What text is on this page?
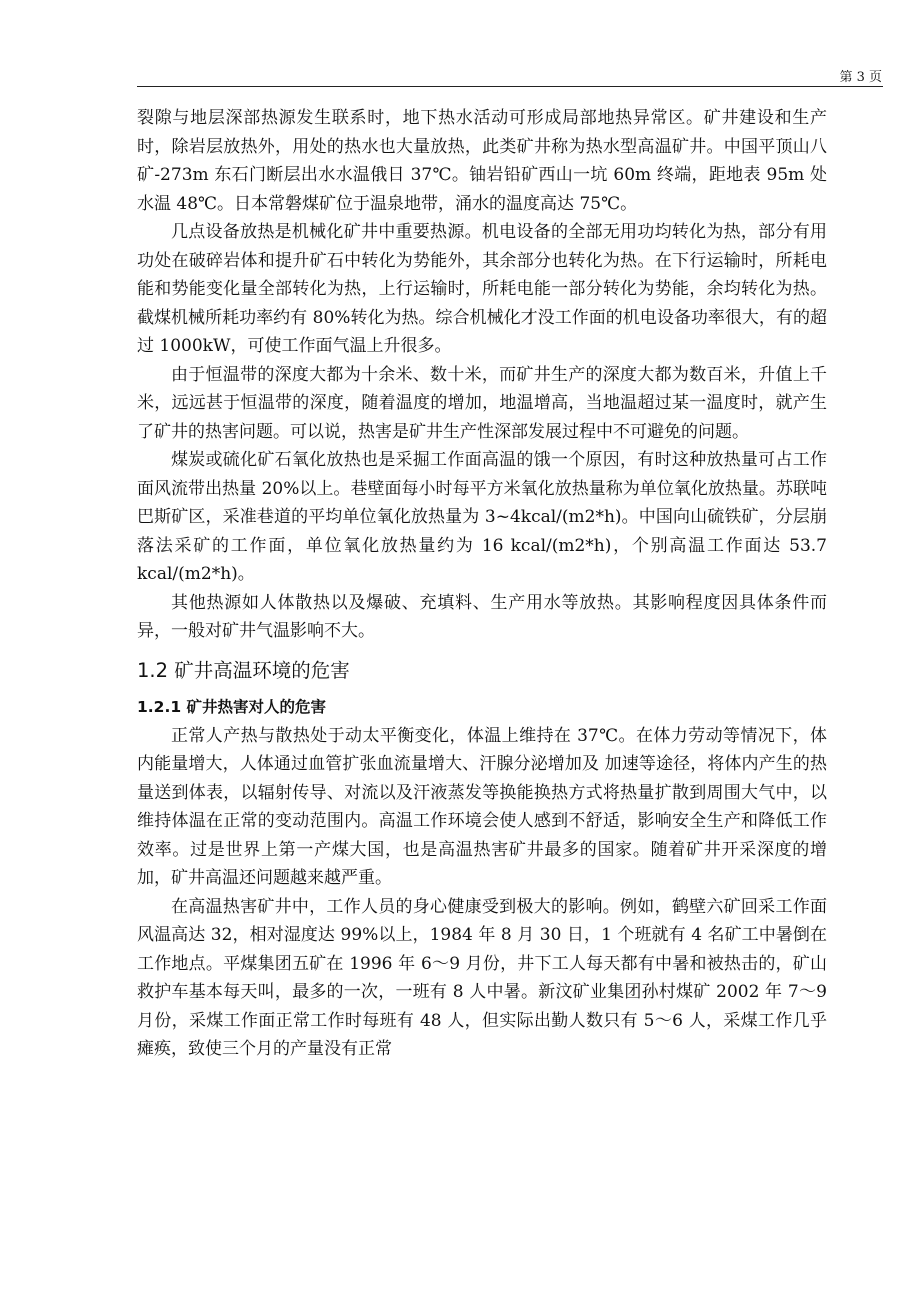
第 3 页

裂隙与地层深部热源发生联系时，地下热水活动可形成局部地热异常区。矿井建设和生产时，除岩层放热外，用处的热水也大量放热，此类矿井称为热水型高温矿井。中国平顶山八矿-273m 东石门断层出水水温俄日 37℃。铀岩铅矿西山一坑 60m 终端，距地表 95m 处水温 48℃。日本常磐煤矿位于温泉地带，涌水的温度高达 75℃。

几点设备放热是机械化矿井中重要热源。机电设备的全部无用功均转化为热，部分有用功处在破碎岩体和提升矿石中转化为势能外，其余部分也转化为热。在下行运输时，所耗电能和势能变化量全部转化为热，上行运输时，所耗电能一部分转化为势能，余均转化为热。截煤机械所耗功率约有 80%转化为热。综合机械化才没工作面的机电设备功率很大，有的超过 1000kW，可使工作面气温上升很多。

由于恒温带的深度大都为十余米、数十米，而矿井生产的深度大都为数百米，升值上千米，远远甚于恒温带的深度，随着温度的增加，地温增高，当地温超过某一温度时，就产生了矿井的热害问题。可以说，热害是矿井生产性深部发展过程中不可避免的问题。

煤炭或硫化矿石氧化放热也是采掘工作面高温的饿一个原因，有时这种放热量可占工作面风流带出热量 20%以上。巷壁面每小时每平方米氧化放热量称为单位氧化放热量。苏联吨巴斯矿区，采准巷道的平均单位氧化放热量为 3~4kcal/(m2*h)。中国向山硫铁矿，分层崩落法采矿的工作面，单位氧化放热量约为 16 kcal/(m2*h)，个别高温工作面达 53.7 kcal/(m2*h)。

其他热源如人体散热以及爆破、充填料、生产用水等放热。其影响程度因具体条件而异，一般对矿井气温影响不大。

1.2 矿井高温环境的危害
1.2.1 矿井热害对人的危害

正常人产热与散热处于动太平衡变化，体温上维持在 37℃。在体力劳动等情况下，体内能量增大，人体通过血管扩张血流量增大、汗腺分泌增加及 加速等途径，将体内产生的热量送到体表，以辐射传导、对流以及汗液蒸发等换能换热方式将热量扩散到周围大气中，以维持体温在正常的变动范围内。高温工作环境会使人感到不舒适，影响安全生产和降低工作效率。过是世界上第一产煤大国，也是高温热害矿井最多的国家。随着矿井开采深度的增加，矿井高温还问题越来越严重。

在高温热害矿井中，工作人员的身心健康受到极大的影响。例如，鹤壁六矿回采工作面风温高达 32，相对湿度达 99%以上，1984 年 8 月 30 日，1 个班就有 4 名矿工中暑倒在工作地点。平煤集团五矿在 1996 年 6～9 月份，井下工人每天都有中暑和被热击的，矿山救护车基本每天叫，最多的一次，一班有 8 人中暑。新汶矿业集团孙村煤矿 2002 年 7～9 月份，采煤工作面正常工作时每班有 48 人，但实际出勤人数只有 5～6 人，采煤工作几乎瘫痪，致使三个月的产量没有正常
